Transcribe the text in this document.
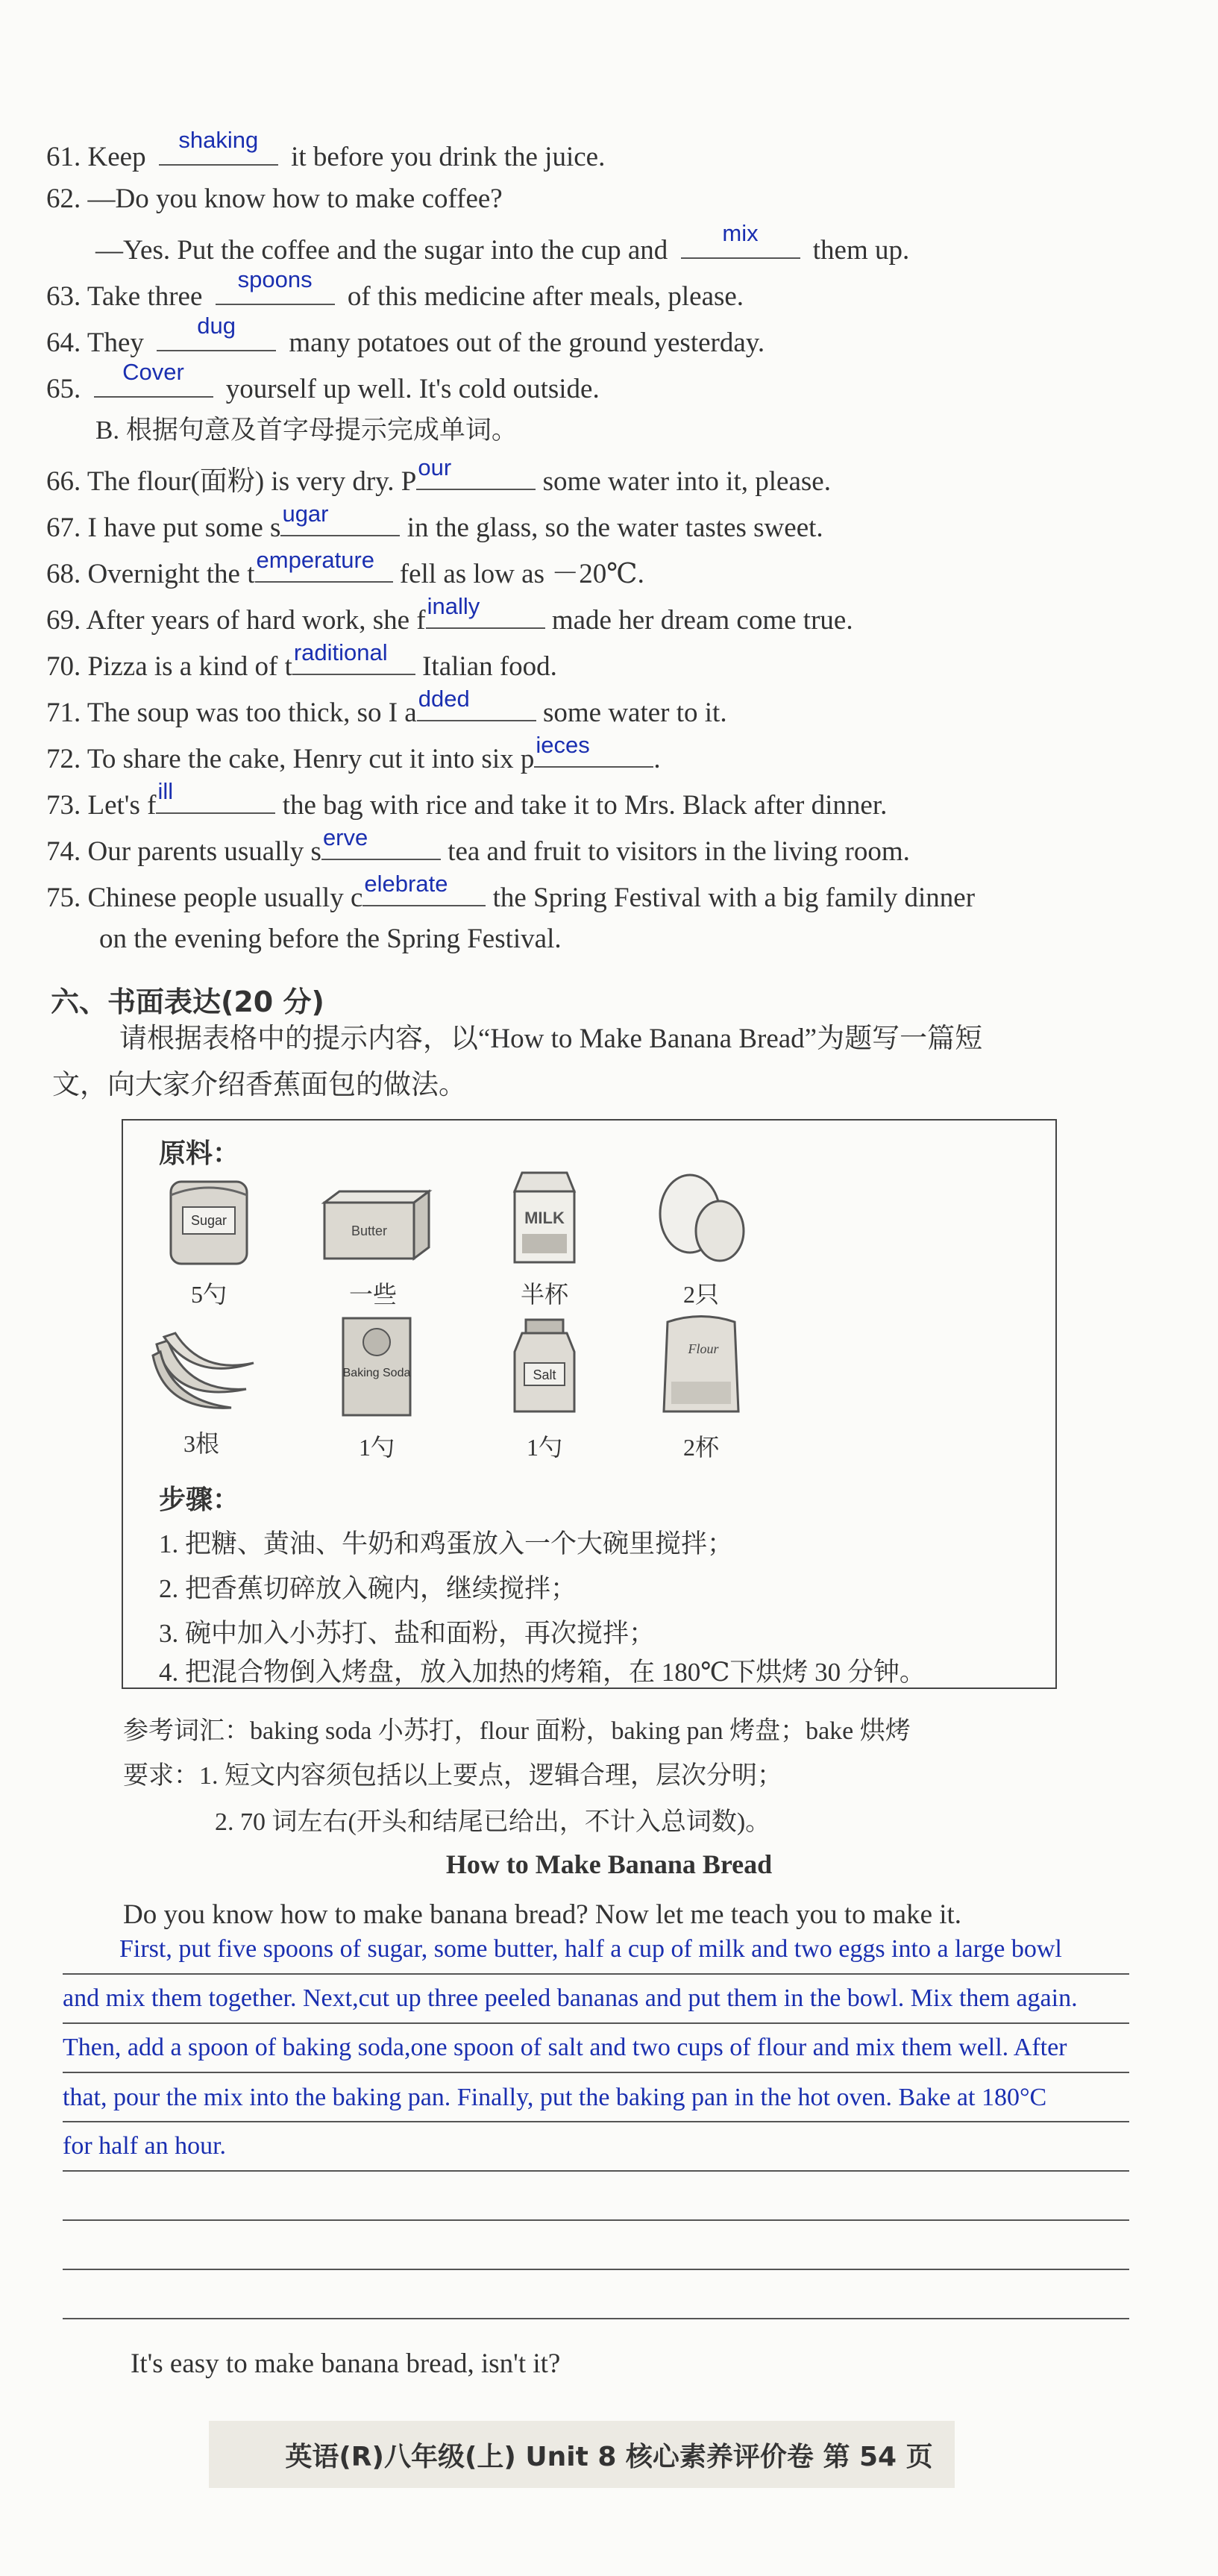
61. Keep
shaking
it before you drink the juice.
62. —Do you know how to make coffee?
—Yes. Put the coffee and the sugar into the cup and
mix
them up.
63. Take three
spoons
of this medicine after meals, please.
64. They
dug
many potatoes out of the ground yesterday.
65.
Cover
yourself up well. It's cold outside.
B. 根据句意及首字母提示完成单词。
66. The flour(面粉) is very dry. P our	some water into it, please.
67. I have put some s ugar	in the glass, so the water tastes sweet.
68. Overnight the t emperature fell as low as －20℃.
69. After years of hard work, she f inally	made her dream come true.
70. Pizza is a kind of t raditional	Italian food.
71. The soup was too thick, so I a dded	some water to it.
72. To share the cake, Henry cut it into six p ieces	.
73. Let's f ill	the bag with rice and take it to Mrs. Black after dinner.
74. Our parents usually s erve	tea and fruit to visitors in the living room.
75. Chinese people usually c elebrate	the Spring Festival with a big family dinner
on the evening before the Spring Festival.
六、书面表达(20 分)
请根据表格中的提示内容，以“How to Make Banana Bread”为题写一篇短
文，向大家介绍香蕉面包的做法。
原料：
Sugar
5勺
Butter
一些
MILK
半杯	2只
3根
Baking Soda
1勺
Salt
1勺
Flour
2杯
步骤：
1. 把糖、黄油、牛奶和鸡蛋放入一个大碗里搅拌；
2. 把香蕉切碎放入碗内，继续搅拌；
3. 碗中加入小苏打、盐和面粉，再次搅拌；
4. 把混合物倒入烤盘，放入加热的烤箱，在 180℃下烘烤 30 分钟。
参考词汇：baking soda 小苏打，flour 面粉，baking pan 烤盘；bake 烘烤
要求：1. 短文内容须包括以上要点，逻辑合理，层次分明；
2. 70 词左右(开头和结尾已给出，不计入总词数)。
How to Make Banana Bread
Do you know how to make banana bread? Now let me teach you to make it.
First, put five spoons of sugar, some butter, half a cup of milk and two eggs into a large bowl
and mix them together. Next,cut up three peeled bananas and put them in the bowl. Mix them again.
Then, add a spoon of baking soda,one spoon of salt and two cups of flour and mix them well. After
that, pour the mix into the baking pan. Finally, put the baking pan in the hot oven. Bake at 180°C
for half an hour.
It's easy to make banana bread, isn't it?
英语(R)八年级(上) Unit 8 核心素养评价卷 第 54 页
